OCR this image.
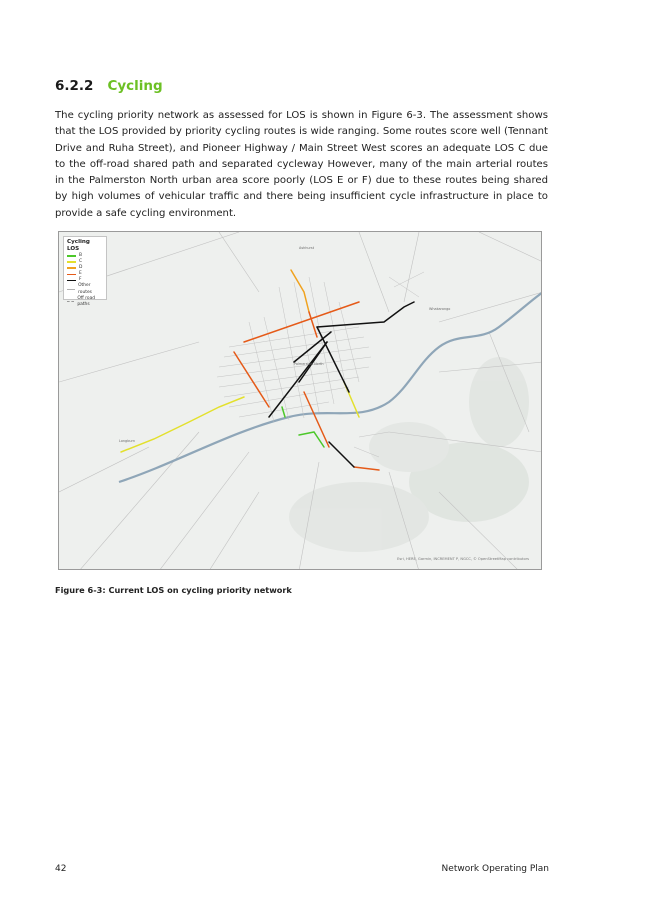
6.2.2 Cycling

The cycling priority network as assessed for LOS is shown in Figure 6-3. The assessment shows that the LOS provided by priority cycling routes is wide ranging. Some routes score well (Tennant Drive and Ruha Street), and Pioneer Highway / Main Street West scores an adequate LOS C due to the off-road shared path and separated cycleway However, many of the main arterial routes in the Palmerston North urban area score poorly (LOS E or F) due to these routes being shared by high volumes of vehicular traffic and there being insufficient cycle infrastructure in place to provide a safe cycling environment.

Cycling LOS
B
C
D
E
F
Other routes
Off road paths
Ashhurst
Palmerston North
Longburn
Whakarongo
Esri, HERE, Garmin, INCREMENT P, NGCC, © OpenStreetMap contributors
Figure 6-3: Current LOS on cycling priority network
42	Network Operating Plan
